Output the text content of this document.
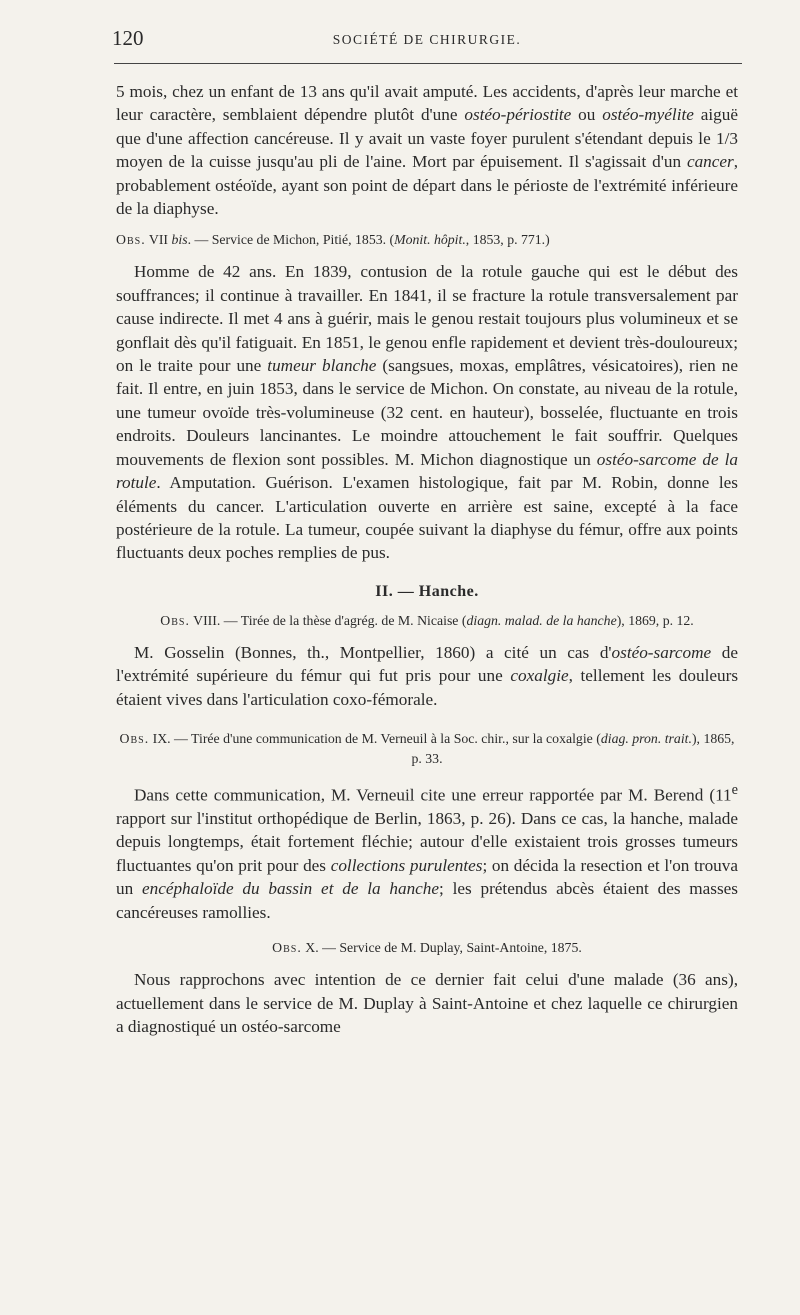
120	SOCIÉTÉ DE CHIRURGIE.

5 mois, chez un enfant de 13 ans qu'il avait amputé. Les accidents, d'après leur marche et leur caractère, semblaient dépendre plutôt d'une ostéo-périostite ou ostéo-myélite aiguë que d'une affection cancéreuse. Il y avait un vaste foyer purulent s'étendant depuis le 1/3 moyen de la cuisse jusqu'au pli de l'aine. Mort par épuisement. Il s'agissait d'un cancer, probablement ostéoïde, ayant son point de départ dans le périoste de l'extrémité inférieure de la diaphyse.

Obs. VII bis. — Service de Michon, Pitié, 1853. (Monit. hôpit., 1853, p. 771.)

Homme de 42 ans. En 1839, contusion de la rotule gauche qui est le début des souffrances; il continue à travailler. En 1841, il se fracture la rotule transversalement par cause indirecte. Il met 4 ans à guérir, mais le genou restait toujours plus volumineux et se gonflait dès qu'il fatiguait. En 1851, le genou enfle rapidement et devient très-douloureux; on le traite pour une tumeur blanche (sangsues, moxas, emplâtres, vésicatoires), rien ne fait. Il entre, en juin 1853, dans le service de Michon. On constate, au niveau de la rotule, une tumeur ovoïde très-volumineuse (32 cent. en hauteur), bosselée, fluctuante en trois endroits. Douleurs lancinantes. Le moindre attouchement le fait souffrir. Quelques mouvements de flexion sont possibles. M. Michon diagnostique un ostéo-sarcome de la rotule. Amputation. Guérison. L'examen histologique, fait par M. Robin, donne les éléments du cancer. L'articulation ouverte en arrière est saine, excepté à la face postérieure de la rotule. La tumeur, coupée suivant la diaphyse du fémur, offre aux points fluctuants deux poches remplies de pus.

II. — Hanche.
Obs. VIII. — Tirée de la thèse d'agrég. de M. Nicaise (diagn. malad. de la hanche), 1869, p. 12.

M. Gosselin (Bonnes, th., Montpellier, 1860) a cité un cas d'ostéo-sarcome de l'extrémité supérieure du fémur qui fut pris pour une coxalgie, tellement les douleurs étaient vives dans l'articulation coxo-fémorale.

Obs. IX. — Tirée d'une communication de M. Verneuil à la Soc. chir., sur la coxalgie (diag. pron. trait.), 1865, p. 33.

Dans cette communication, M. Verneuil cite une erreur rapportée par M. Berend (11e rapport sur l'institut orthopédique de Berlin, 1863, p. 26). Dans ce cas, la hanche, malade depuis longtemps, était fortement fléchie; autour d'elle existaient trois grosses tumeurs fluctuantes qu'on prit pour des collections purulentes; on décida la resection et l'on trouva un encéphaloïde du bassin et de la hanche; les prétendus abcès étaient des masses cancéreuses ramollies.

Obs. X. — Service de M. Duplay, Saint-Antoine, 1875.

Nous rapprochons avec intention de ce dernier fait celui d'une malade (36 ans), actuellement dans le service de M. Duplay à Saint-Antoine et chez laquelle ce chirurgien a diagnostiqué un ostéo-sarcome
